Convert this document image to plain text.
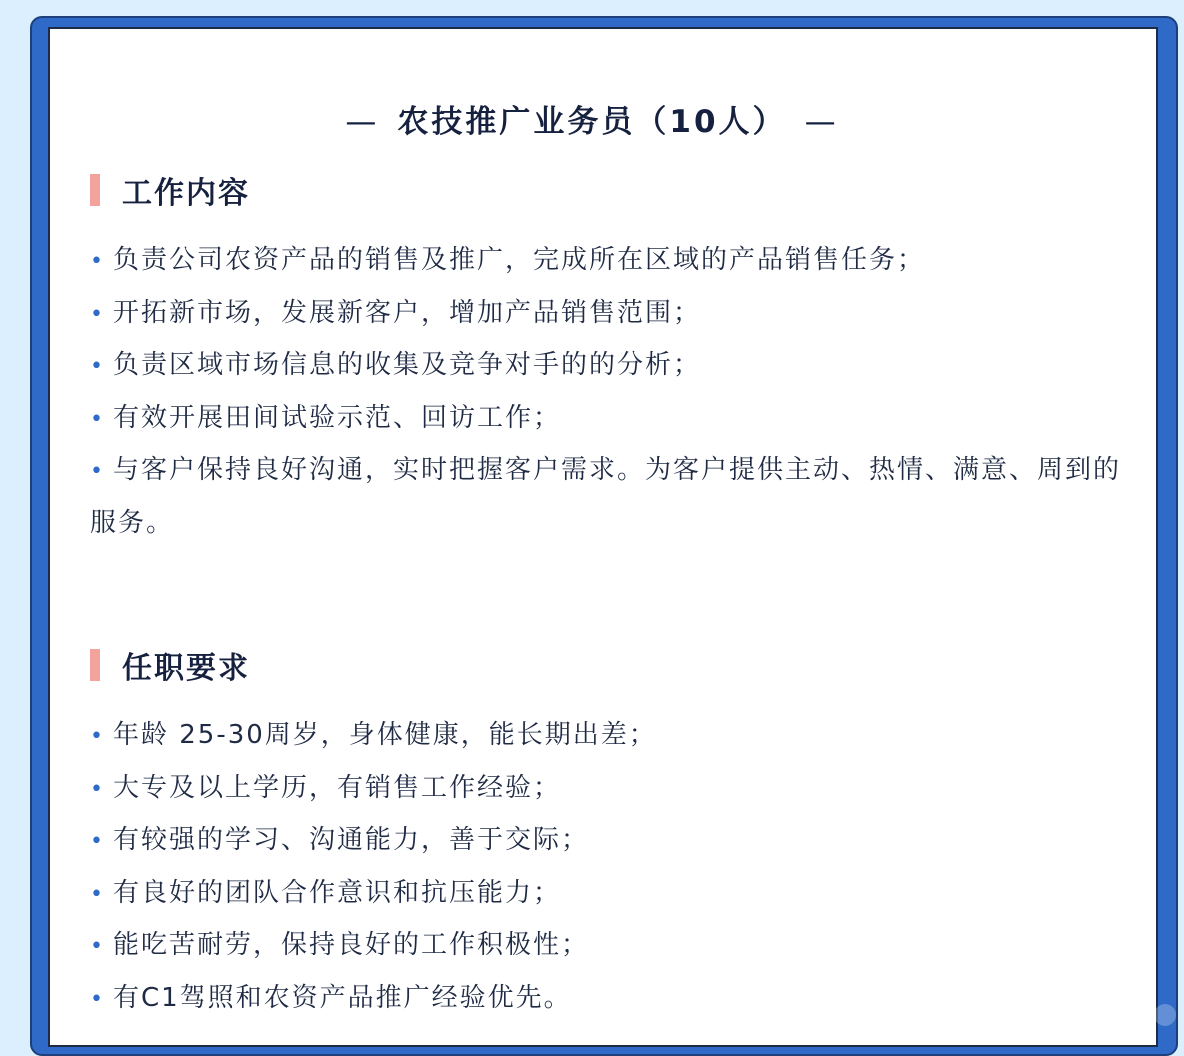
— 农技推广业务员（10人） —
工作内容
• 负责公司农资产品的销售及推广，完成所在区域的产品销售任务；
• 开拓新市场，发展新客户，增加产品销售范围；
• 负责区域市场信息的收集及竞争对手的的分析；
• 有效开展田间试验示范、回访工作；
• 与客户保持良好沟通，实时把握客户需求。为客户提供主动、热情、满意、周到的服务。
任职要求
• 年龄 25-30周岁，身体健康，能长期出差；
• 大专及以上学历，有销售工作经验；
• 有较强的学习、沟通能力，善于交际；
• 有良好的团队合作意识和抗压能力；
• 能吃苦耐劳，保持良好的工作积极性；
• 有C1驾照和农资产品推广经验优先。
